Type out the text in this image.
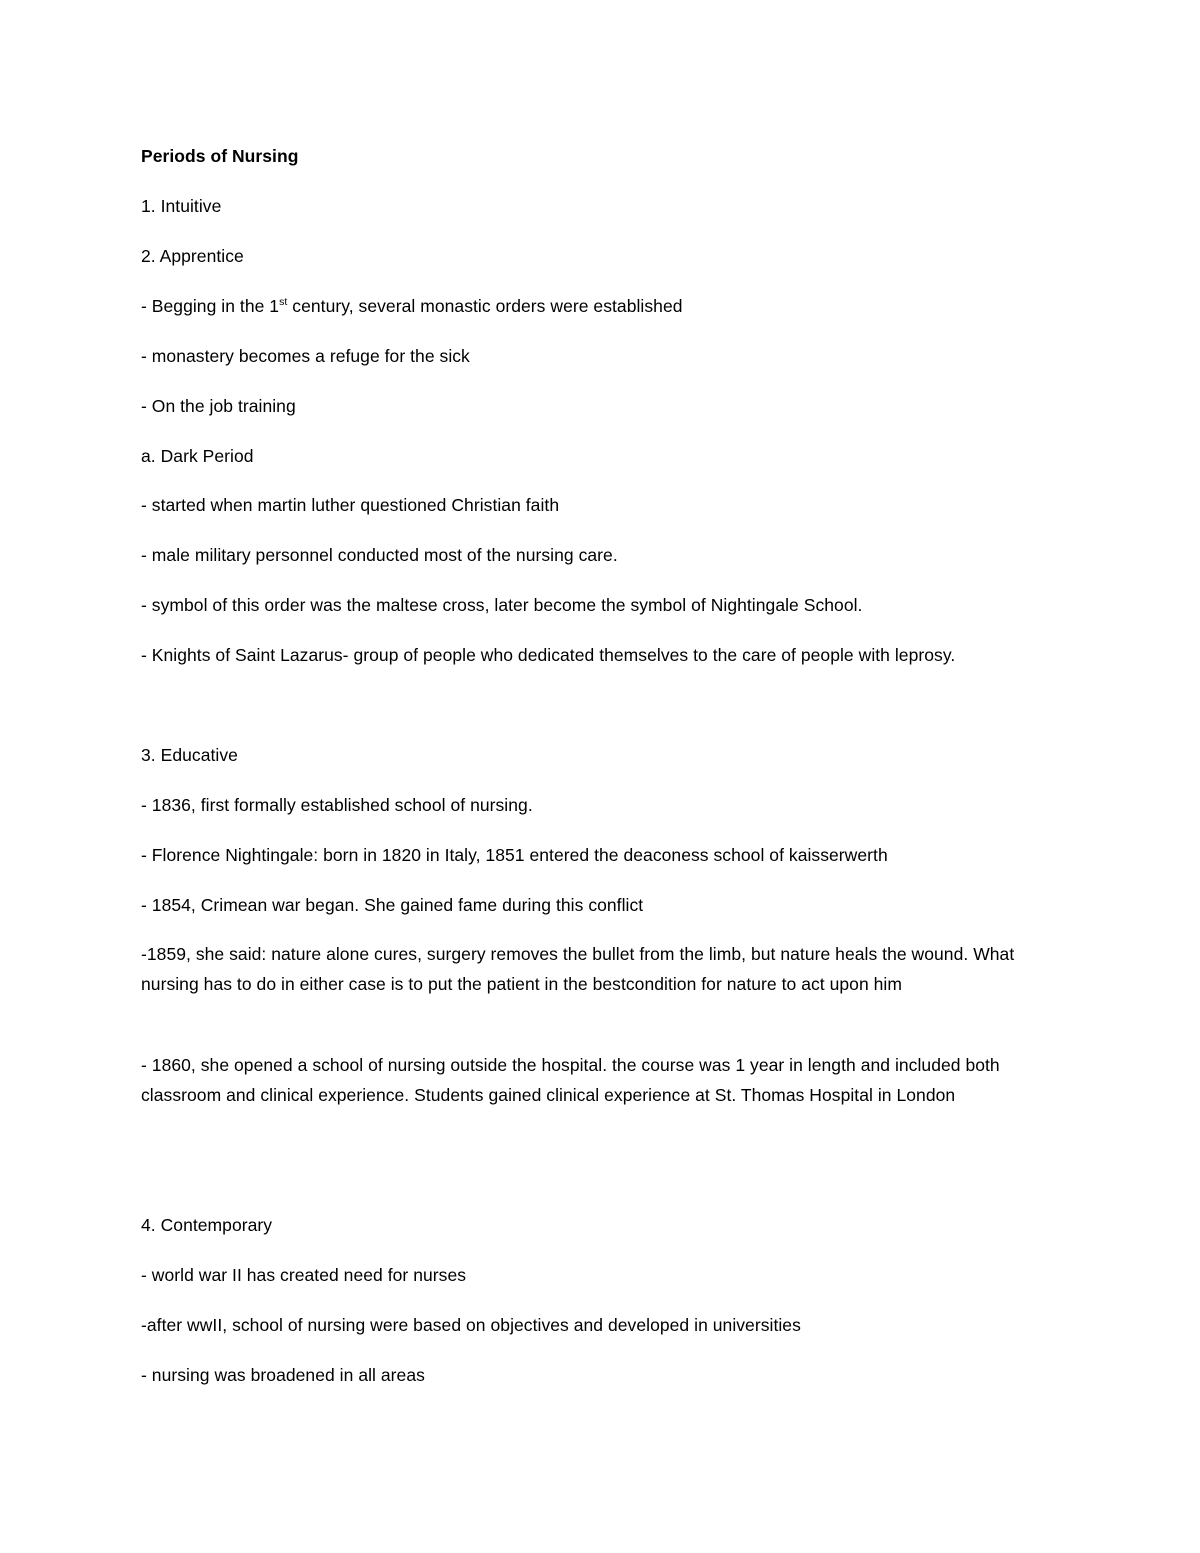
Periods of Nursing
1. Intuitive
2. Apprentice
- Begging in the 1st century, several monastic orders were established
- monastery becomes a refuge for the sick
- On the job training
a. Dark Period
- started when martin luther questioned Christian faith
- male military personnel conducted most of the nursing care.
- symbol of this order was the maltese cross, later become the symbol of Nightingale School.
- Knights of Saint Lazarus- group of people who dedicated themselves to the care of people with leprosy.
3. Educative
- 1836, first formally established school of nursing.
- Florence Nightingale: born in 1820 in Italy, 1851 entered the deaconess school of kaisserwerth
- 1854, Crimean war began. She gained fame during this conflict
-1859, she said: nature alone cures, surgery removes the bullet from the limb, but nature heals the wound. What nursing has to do in either case is to put the patient in the bestcondition for nature to act upon him
- 1860, she opened a school of nursing outside the hospital. the course was 1 year in length and included both classroom and clinical experience. Students gained clinical experience at St. Thomas Hospital in London
4. Contemporary
- world war II has created need for nurses
-after wwII, school of nursing were based on objectives and developed in universities
- nursing was broadened in all areas
